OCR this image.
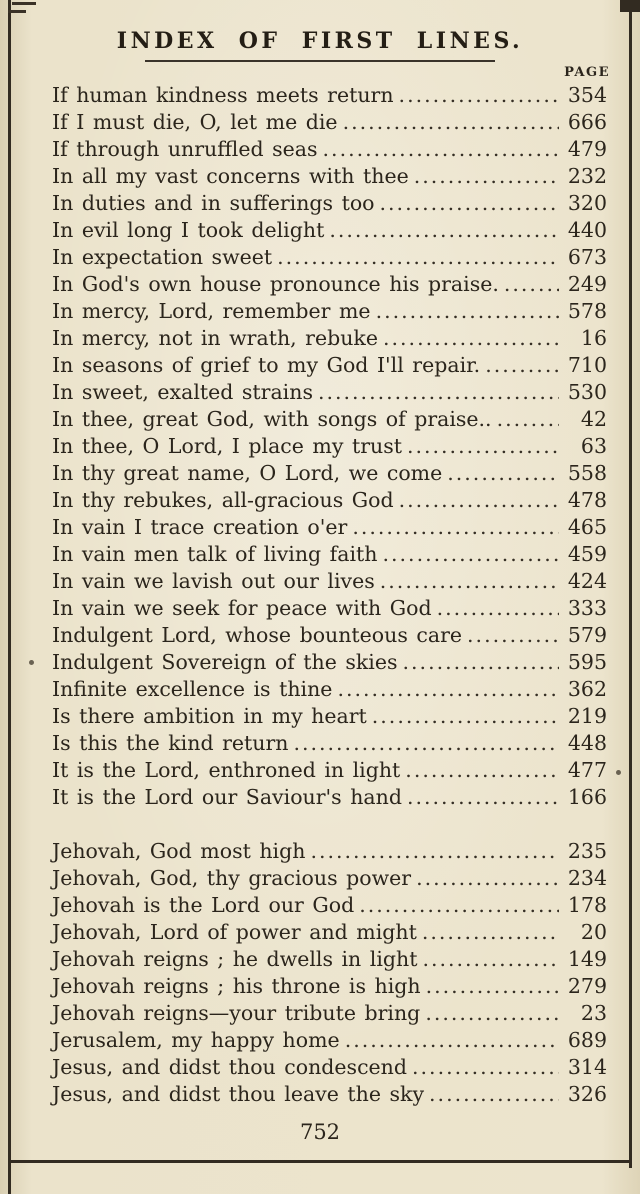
INDEX OF FIRST LINES.
PAGE
If human kindness meets return .....	354
If I must die, O, let me die .....	666
If through unruffled seas .....	479
In all my vast concerns with thee .....	232
In duties and in sufferings too .....	320
In evil long I took delight .....	440
In expectation sweet .....	673
In God's own house pronounce his praise. .....	249
In mercy, Lord, remember me .....	578
In mercy, not in wrath, rebuke .....	16
In seasons of grief to my God I'll repair. .....	710
In sweet, exalted strains .....	530
In thee, great God, with songs of praise.. .....	42
In thee, O Lord, I place my trust .....	63
In thy great name, O Lord, we come .....	558
In thy rebukes, all-gracious God .....	478
In vain I trace creation o'er .....	465
In vain men talk of living faith .....	459
In vain we lavish out our lives .....	424
In vain we seek for peace with God .....	333
Indulgent Lord, whose bounteous care .....	579
Indulgent Sovereign of the skies .....	595
Infinite excellence is thine .....	362
Is there ambition in my heart .....	219
Is this the kind return .....	448
It is the Lord, enthroned in light .....	477
It is the Lord our Saviour's hand .....	166
Jehovah, God most high .....	235
Jehovah, God, thy gracious power .....	234
Jehovah is the Lord our God .....	178
Jehovah, Lord of power and might .....	20
Jehovah reigns ; he dwells in light .....	149
Jehovah reigns ; his throne is high .....	279
Jehovah reigns—your tribute bring .....	23
Jerusalem, my happy home .....	689
Jesus, and didst thou condescend .....	314
Jesus, and didst thou leave the sky .....	326
752
